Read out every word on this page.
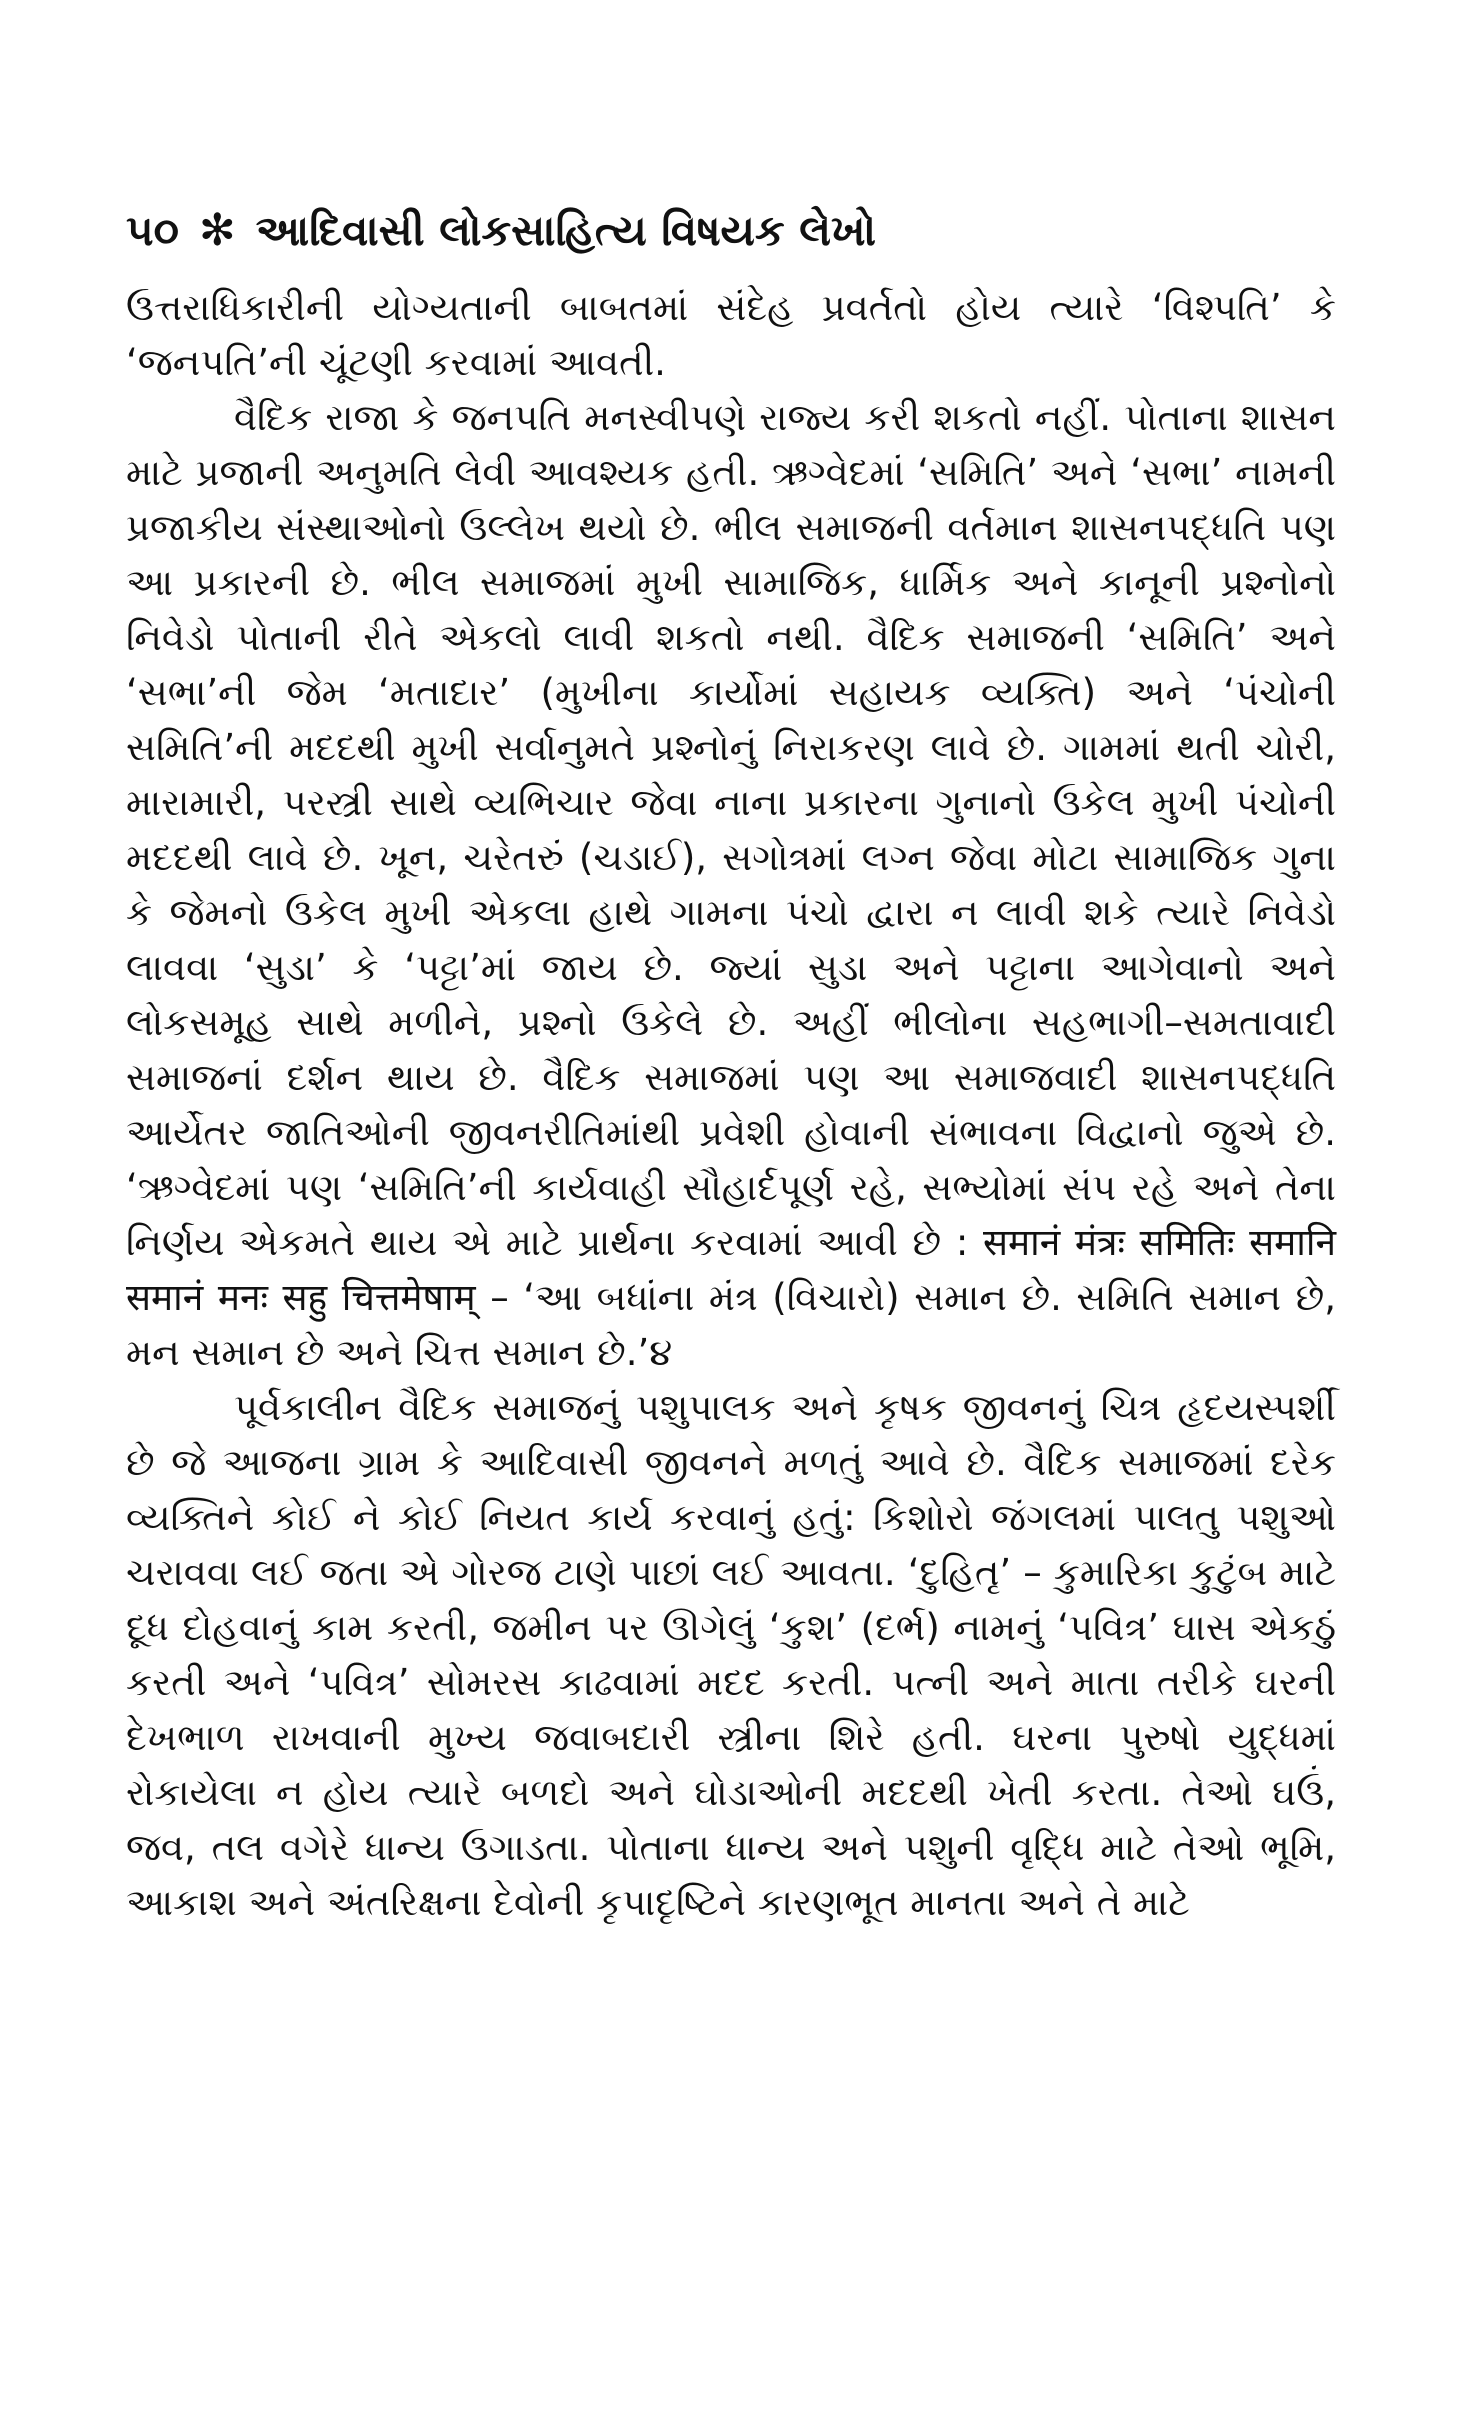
૫૦ ✻ આદિવાસી લોકસાહિત્ય વિષયક લેખો

ઉત્તરાધિકારીની યોગ્યતાની બાબતમાં સંદેહ પ્રવર્તતો હોય ત્યારે ‘વિશ્પતિ’ કે ‘જનપતિ’ની ચૂંટણી કરવામાં આવતી.

વૈદિક રાજા કે જનપતિ મનસ્વીપણે રાજ્ય કરી શકતો નહીં. પોતાના શાસન માટે પ્રજાની અનુમતિ લેવી આવશ્યક હતી. ઋગ્વેદમાં ‘સમિતિ’ અને ‘સભા’ નામની પ્રજાકીય સંસ્થાઓનો ઉલ્લેખ થયો છે. ભીલ સમાજની વર્તમાન શાસનપદ્ધતિ પણ આ પ્રકારની છે. ભીલ સમાજમાં મુખી સામાજિક, ધાર્મિક અને કાનૂની પ્રશ્નોનો નિવેડો પોતાની રીતે એકલો લાવી શકતો નથી. વૈદિક સમાજની ‘સમિતિ’ અને ‘સભા’ની જેમ ‘મતાદાર’ (મુખીના કાર્યોમાં સહાયક વ્યક્તિ) અને ‘પંચોની સમિતિ’ની મદદથી મુખી સર્વાનુમતે પ્રશ્નોનું નિરાકરણ લાવે છે. ગામમાં થતી ચોરી, મારામારી, પરસ્ત્રી સાથે વ્યભિચાર જેવા નાના પ્રકારના ગુનાનો ઉકેલ મુખી પંચોની મદદથી લાવે છે. ખૂન, ચરેતરું (ચડાઈ), સગોત્રમાં લગ્ન જેવા મોટા સામાજિક ગુના કે જેમનો ઉકેલ મુખી એકલા હાથે ગામના પંચો દ્વારા ન લાવી શકે ત્યારે નિવેડો લાવવા ‘સુડા’ કે ‘પટ્ટા’માં જાય છે. જ્યાં સુડા અને પટ્ટાના આગેવાનો અને લોકસમૂહ સાથે મળીને, પ્રશ્નો ઉકેલે છે. અહીં ભીલોના સહભાગી–સમતાવાદી સમાજનાં દર્શન થાય છે. વૈદિક સમાજમાં પણ આ સમાજવાદી શાસનપદ્ધતિ આર્યેતર જાતિઓની જીવનરીતિમાંથી પ્રવેશી હોવાની સંભાવના વિદ્વાનો જુએ છે. ‘ઋગ્વેદમાં પણ ‘સમિતિ’ની કાર્યવાહી સૌહાર્દપૂર્ણ રહે, સભ્યોમાં સંપ રહે અને તેના નિર્ણય એકમતે થાય એ માટે પ્રાર્થના કરવામાં આવી છે : समानं मंत्रः समितिः समानि समानं मनः सहु चित्तमेषाम् – ‘આ બધાંના મંત્ર (વિચારો) સમાન છે. સમિતિ સમાન છે, મન સમાન છે અને ચિત્ત સમાન છે.’૪

પૂર્વકાલીન વૈદિક સમાજનું પશુપાલક અને કૃષક જીવનનું ચિત્ર હૃદયસ્પર્શી છે જે આજના ગ્રામ કે આદિવાસી જીવનને મળતું આવે છે. વૈદિક સમાજમાં દરેક વ્યક્તિને કોઈ ને કોઈ નિયત કાર્ય કરવાનું હતું: કિશોરો જંગલમાં પાલતુ પશુઓ ચરાવવા લઈ જતા એ ગોરજ ટાણે પાછાં લઈ આવતા. ‘દુહિતૃ’ – કુમારિકા કુટુંબ માટે દૂધ દોહવાનું કામ કરતી, જમીન પર ઊગેલું ‘કુશ’ (દર્ભ) નામનું ‘પવિત્ર’ ઘાસ એકઠું કરતી અને ‘પવિત્ર’ સોમરસ કાઢવામાં મદદ કરતી. પત્ની અને માતા તરીકે ઘરની દેખભાળ રાખવાની મુખ્ય જવાબદારી સ્ત્રીના શિરે હતી. ઘરના પુરુષો યુદ્ધમાં રોકાયેલા ન હોય ત્યારે બળદો અને ઘોડાઓની મદદથી ખેતી કરતા. તેઓ ઘઉં, જવ, તલ વગેરે ધાન્ય ઉગાડતા. પોતાના ધાન્ય અને પશુની વૃદ્ધિ માટે તેઓ ભૂમિ, આકાશ અને અંતરિક્ષના દેવોની કૃપાદૃષ્ટિને કારણભૂત માનતા અને તે માટે
